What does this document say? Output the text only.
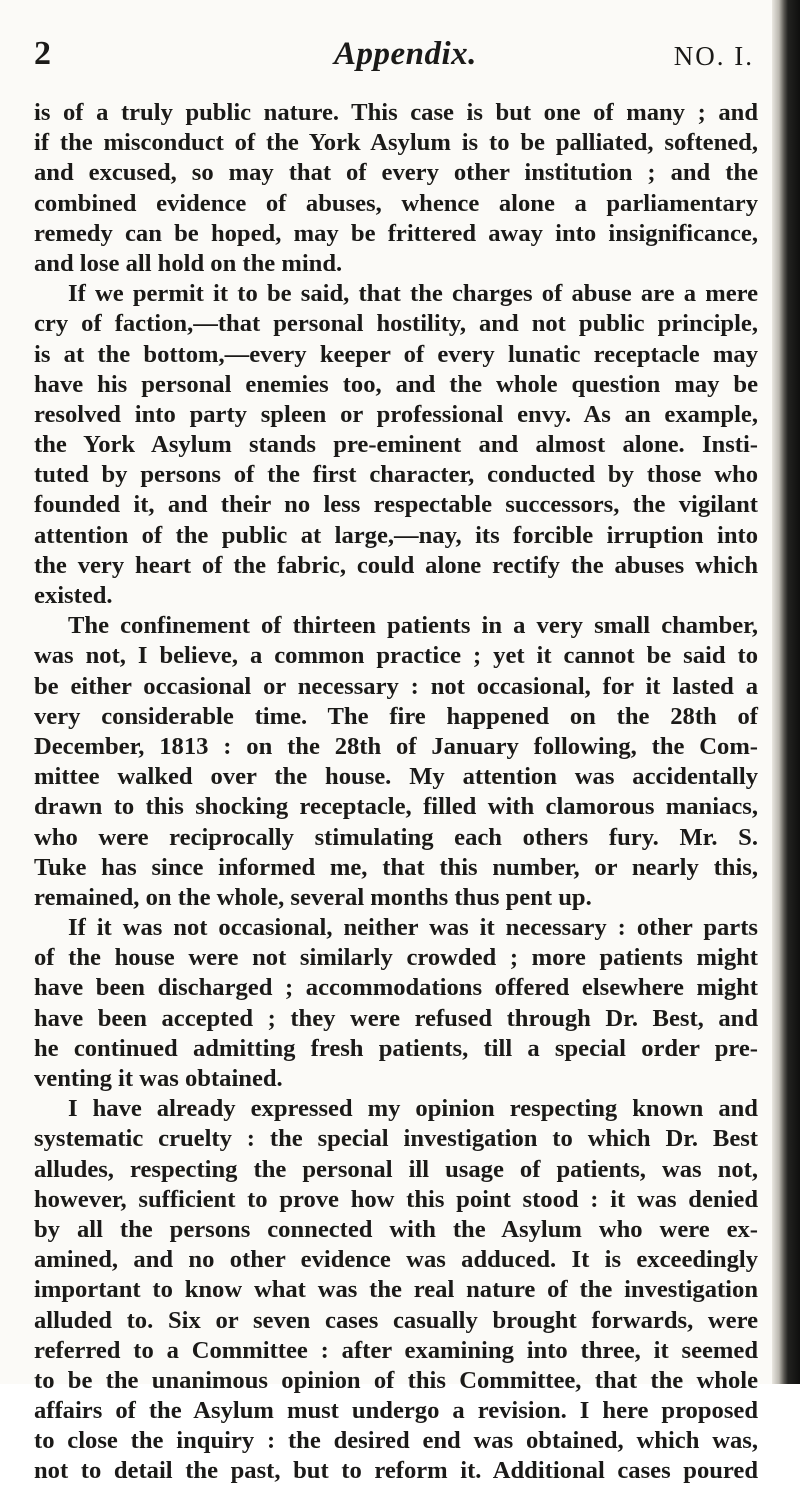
2	Appendix.	NO. I.
is of a truly public nature. This case is but one of many ; and
if the misconduct of the York Asylum is to be palliated, softened,
and excused, so may that of every other institution ; and the
combined evidence of abuses, whence alone a parliamentary
remedy can be hoped, may be frittered away into insignificance,
and lose all hold on the mind.
If we permit it to be said, that the charges of abuse are a mere
cry of faction,—that personal hostility, and not public principle,
is at the bottom,—every keeper of every lunatic receptacle may
have his personal enemies too, and the whole question may be
resolved into party spleen or professional envy. As an example,
the York Asylum stands pre-eminent and almost alone. Insti-
tuted by persons of the first character, conducted by those who
founded it, and their no less respectable successors, the vigilant
attention of the public at large,—nay, its forcible irruption into
the very heart of the fabric, could alone rectify the abuses which
existed.
The confinement of thirteen patients in a very small chamber,
was not, I believe, a common practice ; yet it cannot be said to
be either occasional or necessary : not occasional, for it lasted a
very considerable time. The fire happened on the 28th of
December, 1813 : on the 28th of January following, the Com-
mittee walked over the house. My attention was accidentally
drawn to this shocking receptacle, filled with clamorous maniacs,
who were reciprocally stimulating each others fury. Mr. S.
Tuke has since informed me, that this number, or nearly this,
remained, on the whole, several months thus pent up.
If it was not occasional, neither was it necessary : other parts
of the house were not similarly crowded ; more patients might
have been discharged ; accommodations offered elsewhere might
have been accepted ; they were refused through Dr. Best, and
he continued admitting fresh patients, till a special order pre-
venting it was obtained.
I have already expressed my opinion respecting known and
systematic cruelty : the special investigation to which Dr. Best
alludes, respecting the personal ill usage of patients, was not,
however, sufficient to prove how this point stood : it was denied
by all the persons connected with the Asylum who were ex-
amined, and no other evidence was adduced. It is exceedingly
important to know what was the real nature of the investigation
alluded to. Six or seven cases casually brought forwards, were
referred to a Committee : after examining into three, it seemed
to be the unanimous opinion of this Committee, that the whole
affairs of the Asylum must undergo a revision. I here proposed
to close the inquiry : the desired end was obtained, which was,
not to detail the past, but to reform it. Additional cases poured
